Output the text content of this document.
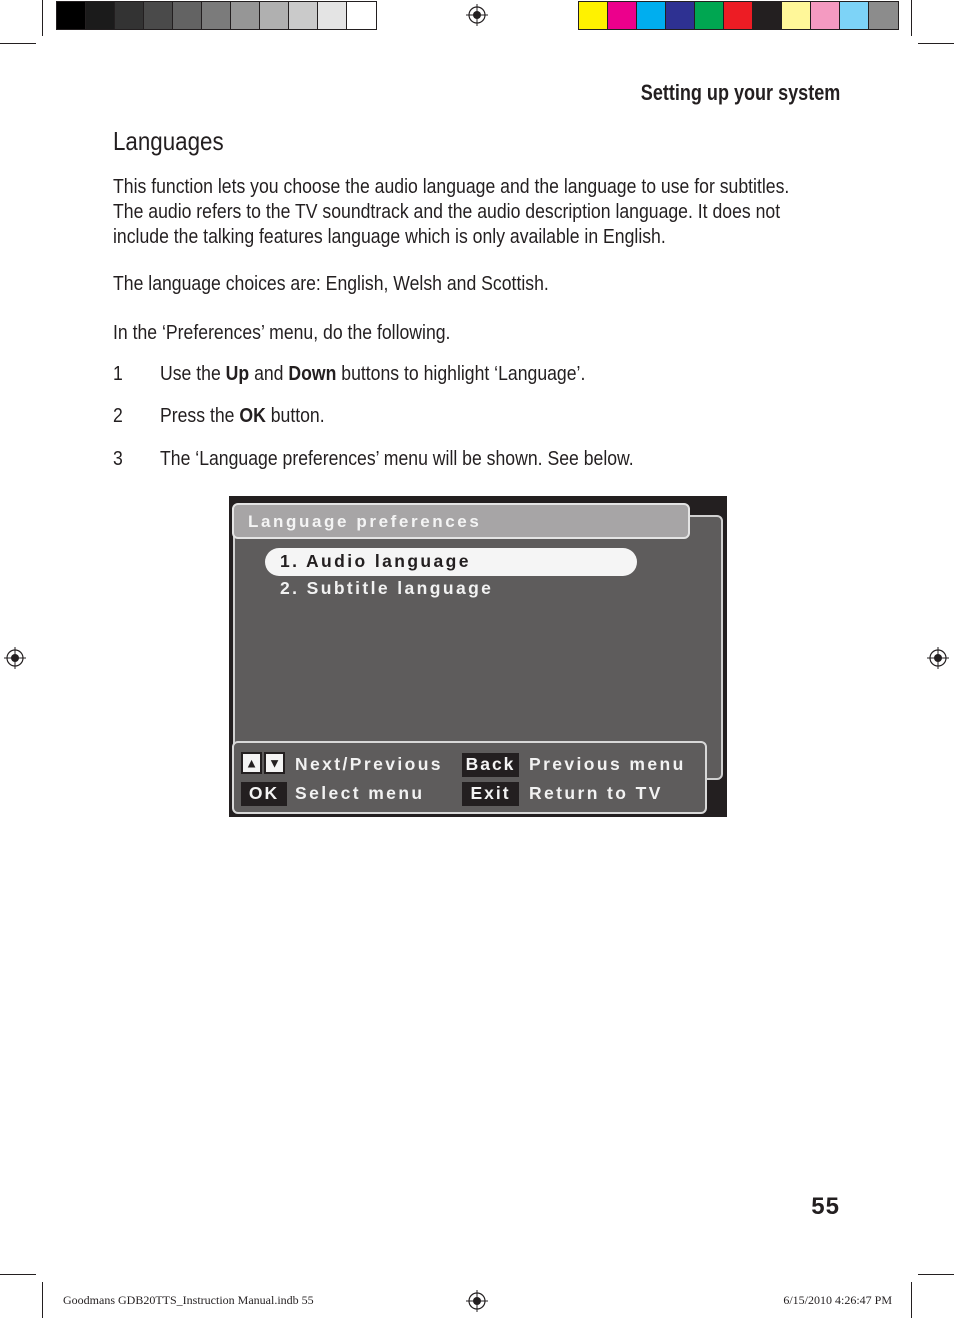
Setting up your system
Languages
This function lets you choose the audio language and the language to use for subtitles.
The audio refers to the TV soundtrack and the audio description language. It does not
include the talking features language which is only available in English.
The language choices are: English, Welsh and Scottish.
In the ‘Preferences’ menu, do the following.
1 Use the Up and Down buttons to highlight ‘Language’.
2 Press the OK button.
3 The ‘Language preferences’ menu will be shown. See below.
Language preferences
1. Audio language
2. Subtitle language
▲ ▼ Next/Previous
OK Select menu
Back Previous menu
Exit	Return to TV
55
Goodmans GDB20TTS_Instruction Manual.indb 55	6/15/2010 4:26:47 PM
